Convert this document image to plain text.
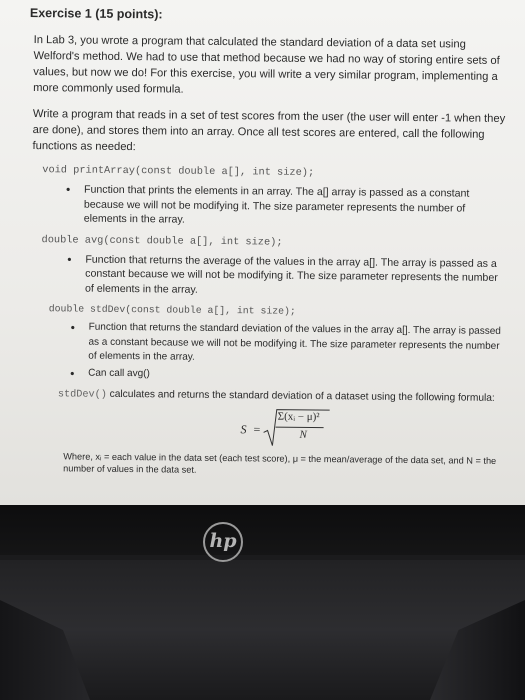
Exercise 1 (15 points):

In Lab 3, you wrote a program that calculated the standard deviation of a data set using Welford's method. We had to use that method because we had no way of storing entire sets of values, but now we do! For this exercise, you will write a very similar program, implementing a more commonly used formula.

Write a program that reads in a set of test scores from the user (the user will enter -1 when they are done), and stores them into an array. Once all test scores are entered, call the following functions as needed:

void printArray(const double a[], int size);
• Function that prints the elements in an array. The a[] array is passed as a constant because we will not be modifying it. The size parameter represents the number of elements in the array.
double avg(const double a[], int size);
• Function that returns the average of the values in the array a[]. The array is passed as a constant because we will not be modifying it. The size parameter represents the number of elements in the array.
double stdDev(const double a[], int size);
• Function that returns the standard deviation of the values in the array a[]. The array is passed as a constant because we will not be modifying it. The size parameter represents the number of elements in the array.
• Can call avg()
stdDev() calculates and returns the standard deviation of a dataset using the following formula:
S =
Σ(xᵢ − μ)²
N

Where, xᵢ = each value in the data set (each test score), μ = the mean/average of the data set, and N = the number of values in the data set.

hp
